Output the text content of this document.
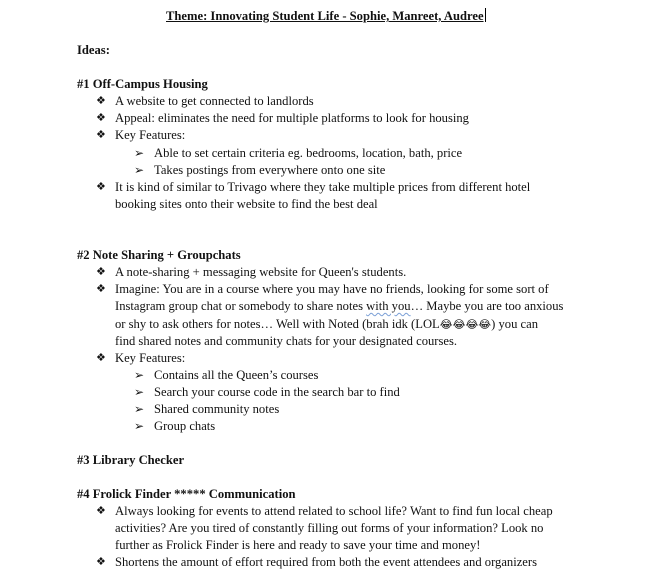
Theme: Innovating Student Life - Sophie, Manreet, Audree
Ideas:
#1 Off-Campus Housing
❖ A website to get connected to landlords
❖ Appeal: eliminates the need for multiple platforms to look for housing
❖ Key Features:
➢ Able to set certain criteria eg. bedrooms, location, bath, price
➢ Takes postings from everywhere onto one site
❖ It is kind of similar to Trivago where they take multiple prices from different hotel
booking sites onto their website to find the best deal
#2 Note Sharing + Groupchats
❖ A note-sharing + messaging website for Queen's students.
❖ Imagine: You are in a course where you may have no friends, looking for some sort of
Instagram group chat or somebody to share notes with you… Maybe you are too anxious
or shy to ask others for notes… Well with Noted (brah idk (LOL😂😂😂😂) you can
find shared notes and community chats for your designated courses.
❖ Key Features:
➢ Contains all the Queen’s courses
➢ Search your course code in the search bar to find
➢ Shared community notes
➢ Group chats
#3 Library Checker
#4 Frolick Finder ***** Communication
❖ Always looking for events to attend related to school life? Want to find fun local cheap
activities? Are you tired of constantly filling out forms of your information? Look no
further as Frolick Finder is here and ready to save your time and money!
❖ Shortens the amount of effort required from both the event attendees and organizers
